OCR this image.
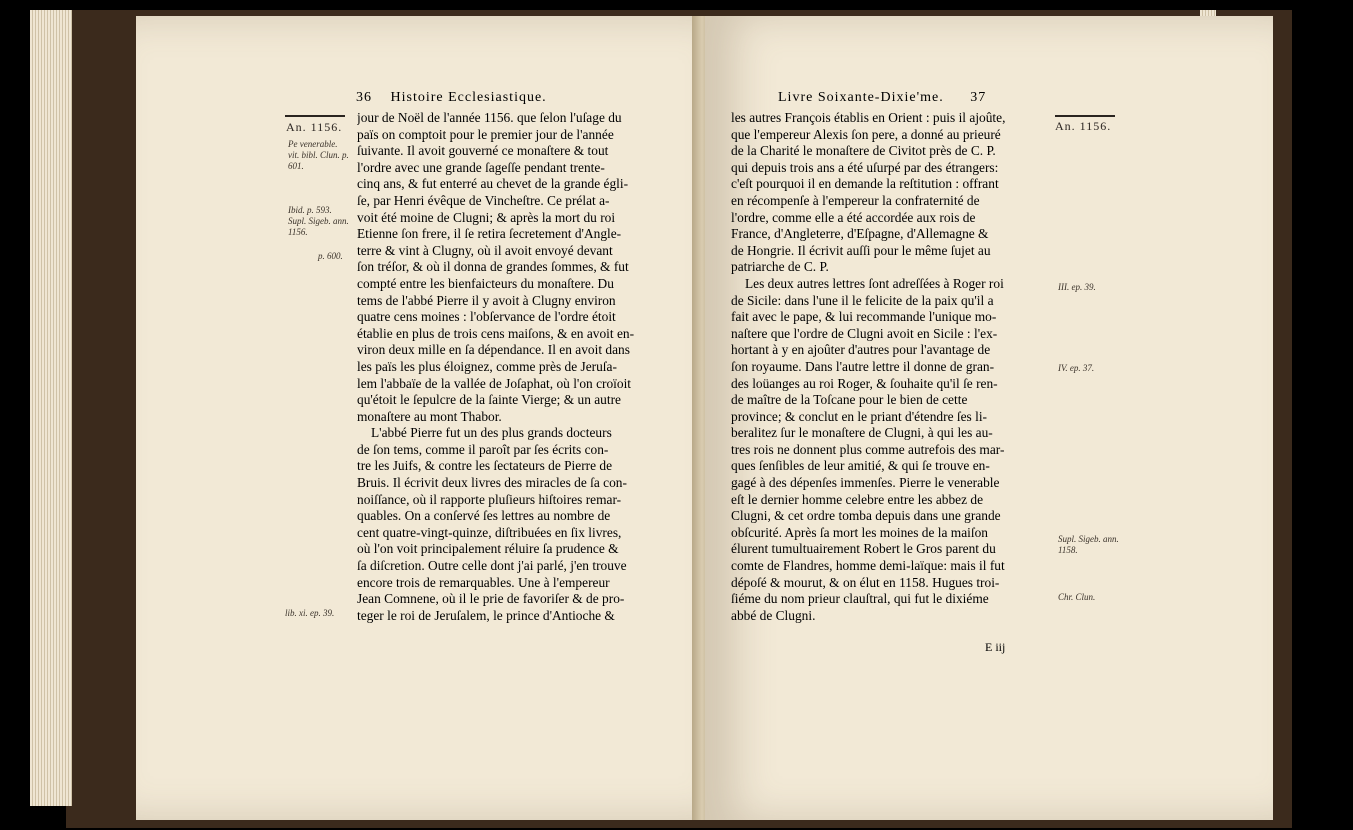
36 Histoire Ecclesiastique.
An. 1156.
Pe venerable. vit. bibl. Clun. p. 601.
Ibid. p. 593. Supl. Sigeb. ann. 1156.
p. 600.
lib. xi. ep. 39.
jour de Noël de l'année 1156. que ſelon l'uſage du
païs on comptoit pour le premier jour de l'année
ſuivante. Il avoit gouverné ce monaſtere & tout
l'ordre avec une grande ſageſſe pendant trente-
cinq ans, & fut enterré au chevet de la grande égli-
ſe, par Henri évêque de Vincheſtre. Ce prélat a-
voit été moine de Clugni; & après la mort du roi
Etienne ſon frere, il ſe retira ſecretement d'Angle-
terre & vint à Clugny, où il avoit envoyé devant
ſon tréſor, & où il donna de grandes ſommes, & fut
compté entre les bienfaicteurs du monaſtere. Du
tems de l'abbé Pierre il y avoit à Clugny environ
quatre cens moines : l'obſervance de l'ordre étoit
établie en plus de trois cens maiſons, & en avoit en-
viron deux mille en ſa dépendance. Il en avoit dans
les païs les plus éloignez, comme près de Jeruſa-
lem l'abbaïe de la vallée de Joſaphat, où l'on croïoit
qu'étoit le ſepulcre de la ſainte Vierge; & un autre
monaſtere au mont Thabor.
L'abbé Pierre fut un des plus grands docteurs
de ſon tems, comme il paroît par ſes écrits con-
tre les Juifs, & contre les ſectateurs de Pierre de
Bruis. Il écrivit deux livres des miracles de ſa con-
noiſſance, où il rapporte pluſieurs hiſtoires remar-
quables. On a conſervé ſes lettres au nombre de
cent quatre-vingt-quinze, diſtribuées en ſix livres,
où l'on voit principalement réluire ſa prudence &
ſa diſcretion. Outre celle dont j'ai parlé, j'en trouve
encore trois de remarquables. Une à l'empereur
Jean Comnene, où il le prie de favoriſer & de pro-
teger le roi de Jeruſalem, le prince d'Antioche &
Livre Soixante-Dixie'me. 37
An. 1156.
III. ep. 39.
IV. ep. 37.
Supl. Sigeb. ann. 1158.
Chr. Clun.
les autres François établis en Orient : puis il ajoûte,
que l'empereur Alexis ſon pere, a donné au prieuré
de la Charité le monaſtere de Civitot près de C. P.
qui depuis trois ans a été uſurpé par des étrangers:
c'eſt pourquoi il en demande la reſtitution : offrant
en récompenſe à l'empereur la confraternité de
l'ordre, comme elle a été accordée aux rois de
France, d'Angleterre, d'Eſpagne, d'Allemagne &
de Hongrie. Il écrivit auſſi pour le même ſujet au
patriarche de C. P.
Les deux autres lettres ſont adreſſées à Roger roi
de Sicile: dans l'une il le felicite de la paix qu'il a
fait avec le pape, & lui recommande l'unique mo-
naſtere que l'ordre de Clugni avoit en Sicile : l'ex-
hortant à y en ajoûter d'autres pour l'avantage de
ſon royaume. Dans l'autre lettre il donne de gran-
des loüanges au roi Roger, & ſouhaite qu'il ſe ren-
de maître de la Toſcane pour le bien de cette
province; & conclut en le priant d'étendre ſes li-
beralitez ſur le monaſtere de Clugni, à qui les au-
tres rois ne donnent plus comme autrefois des mar-
ques ſenſibles de leur amitié, & qui ſe trouve en-
gagé à des dépenſes immenſes. Pierre le venerable
eſt le dernier homme celebre entre les abbez de
Clugni, & cet ordre tomba depuis dans une grande
obſcurité. Après ſa mort les moines de la maiſon
élurent tumultuairement Robert le Gros parent du
comte de Flandres, homme demi-laïque: mais il fut
dépoſé & mourut, & on élut en 1158. Hugues troi-
ſiéme du nom prieur clauſtral, qui fut le dixiéme
abbé de Clugni.
E iij
